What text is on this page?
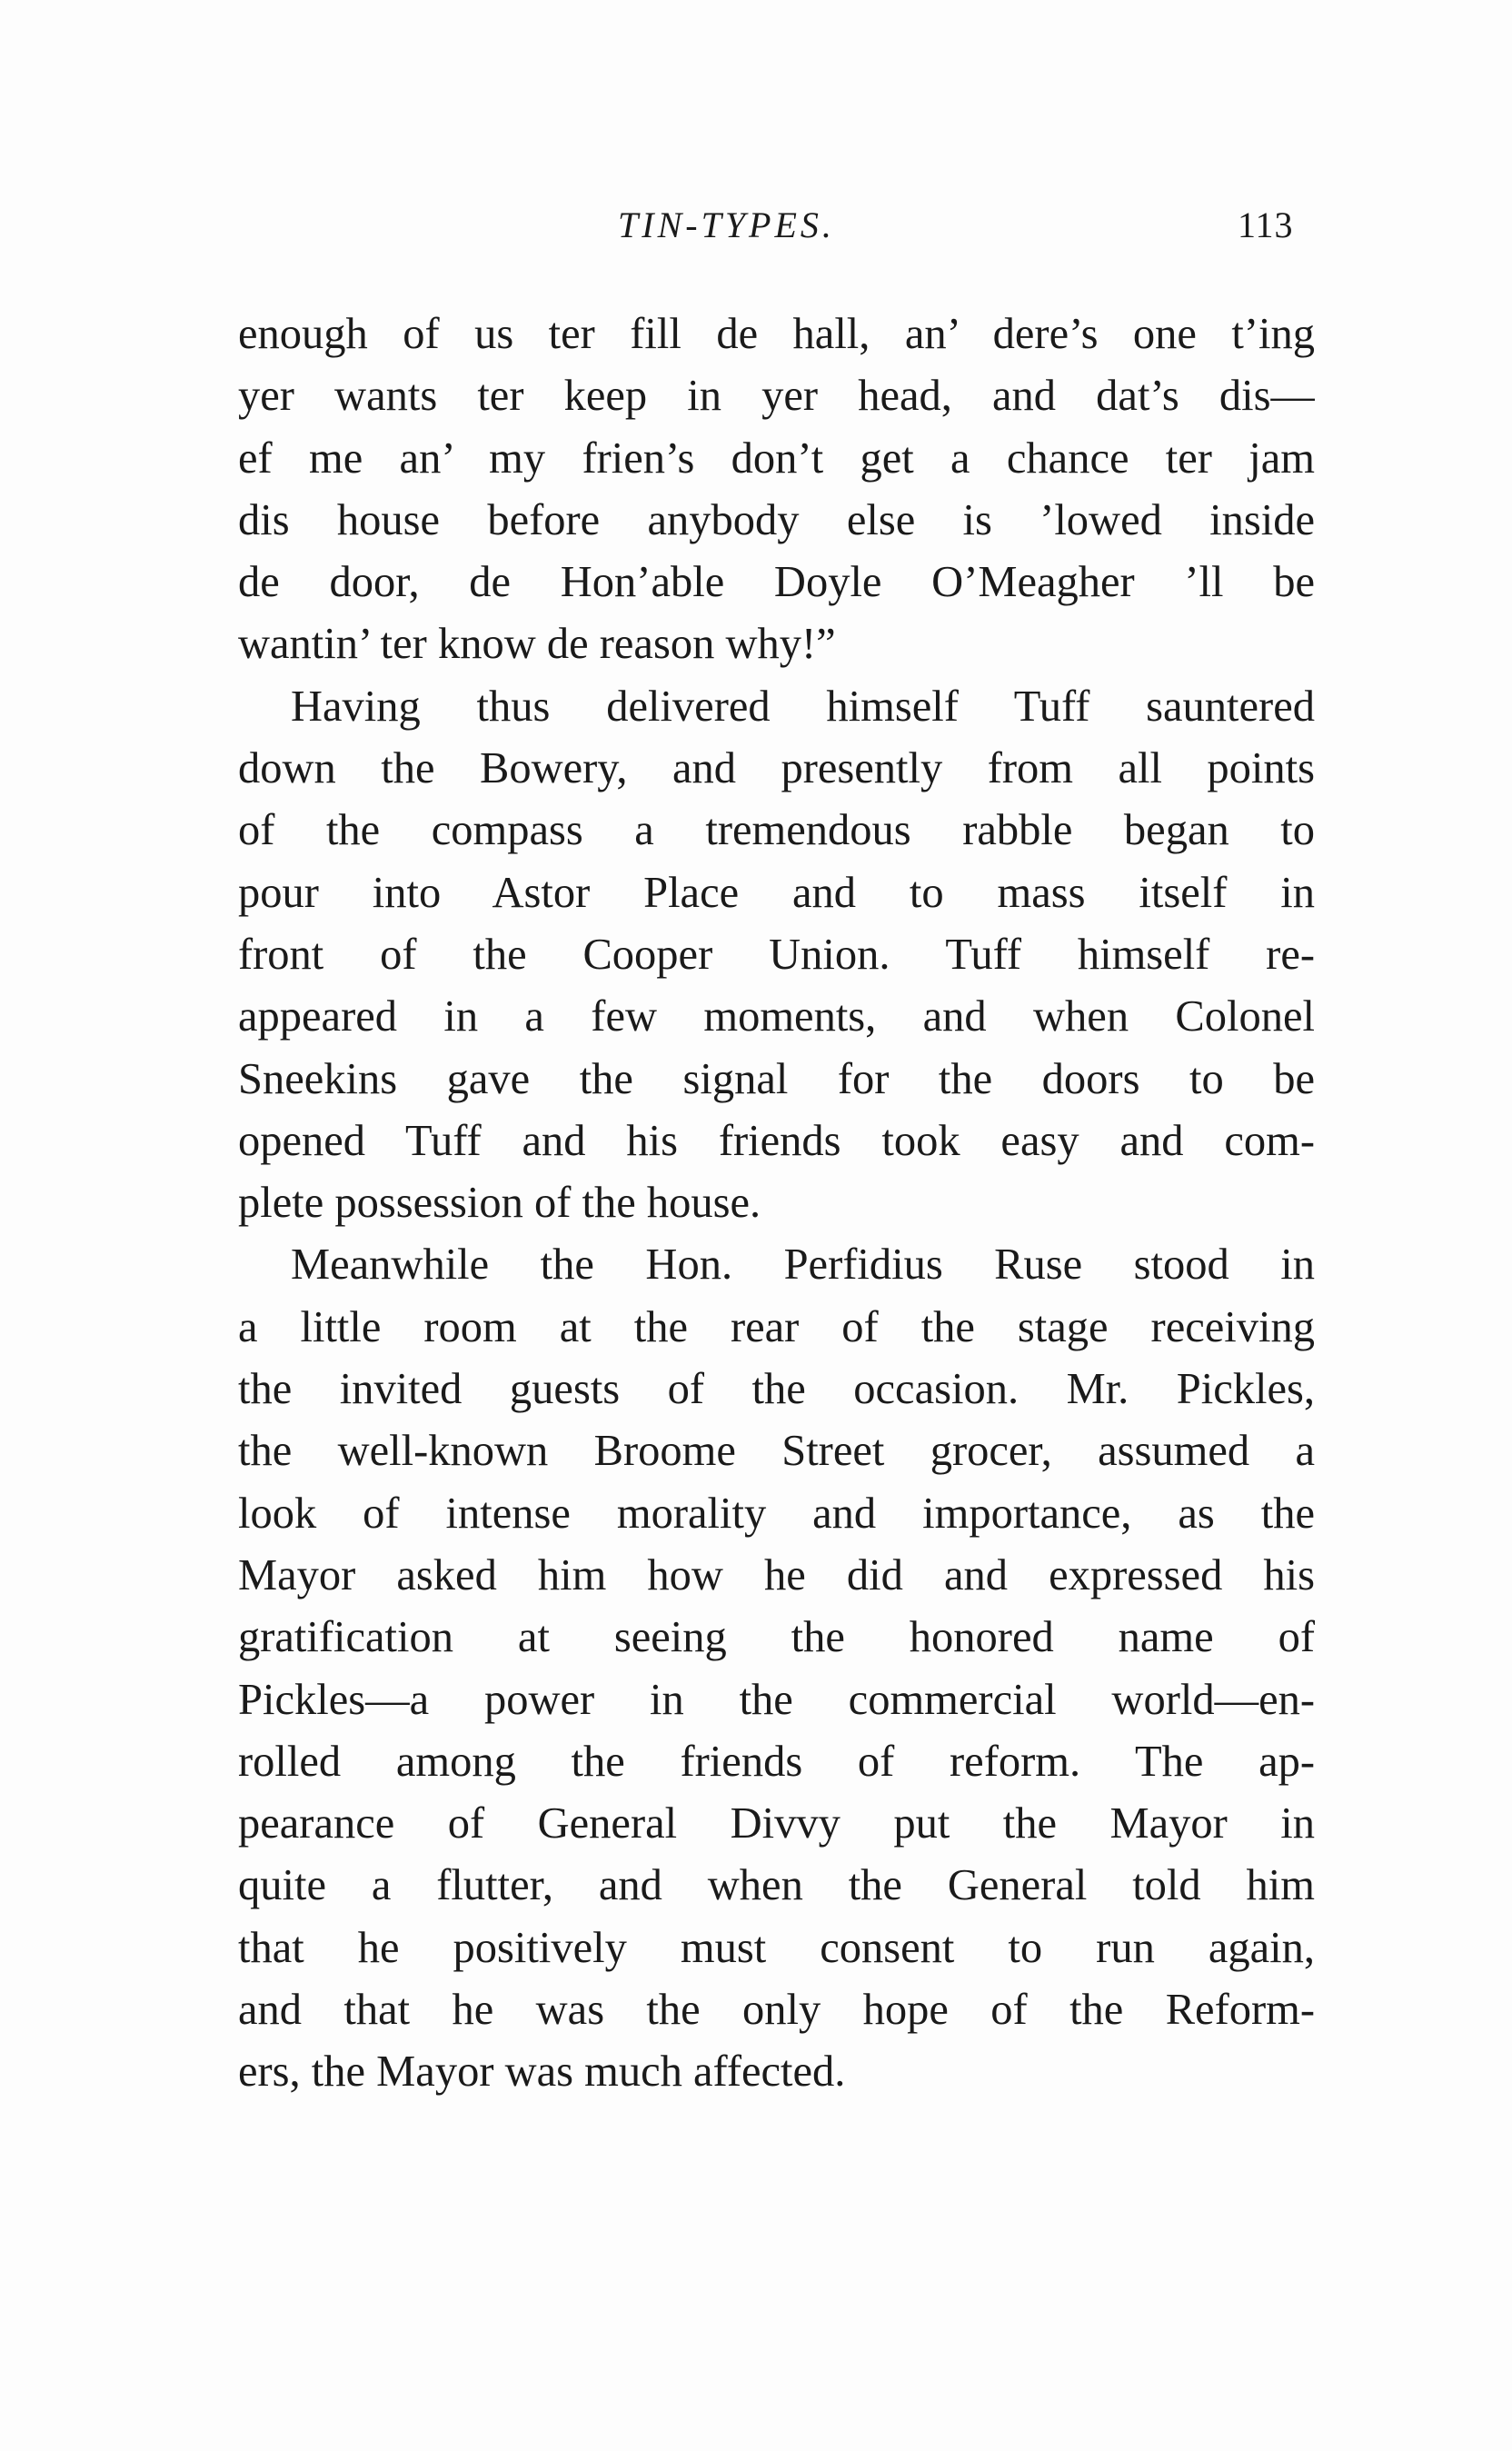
TIN-TYPES.	113
enough of us ter fill de hall, an’ dere’s one t’ing
yer wants ter keep in yer head, and dat’s dis—
ef me an’ my frien’s don’t get a chance ter jam
dis house before anybody else is ’lowed inside
de door, de Hon’able Doyle O’Meagher ’ll be
wantin’ ter know de reason why!”
Having thus delivered himself Tuff sauntered
down the Bowery, and presently from all points
of the compass a tremendous rabble began to
pour into Astor Place and to mass itself in
front of the Cooper Union. Tuff himself re-
appeared in a few moments, and when Colonel
Sneekins gave the signal for the doors to be
opened Tuff and his friends took easy and com-
plete possession of the house.
Meanwhile the Hon. Perfidius Ruse stood in
a little room at the rear of the stage receiving
the invited guests of the occasion. Mr. Pickles,
the well-known Broome Street grocer, assumed a
look of intense morality and importance, as the
Mayor asked him how he did and expressed his
gratification at seeing the honored name of
Pickles—a power in the commercial world—en-
rolled among the friends of reform. The ap-
pearance of General Divvy put the Mayor in
quite a flutter, and when the General told him
that he positively must consent to run again,
and that he was the only hope of the Reform-
ers, the Mayor was much affected.
